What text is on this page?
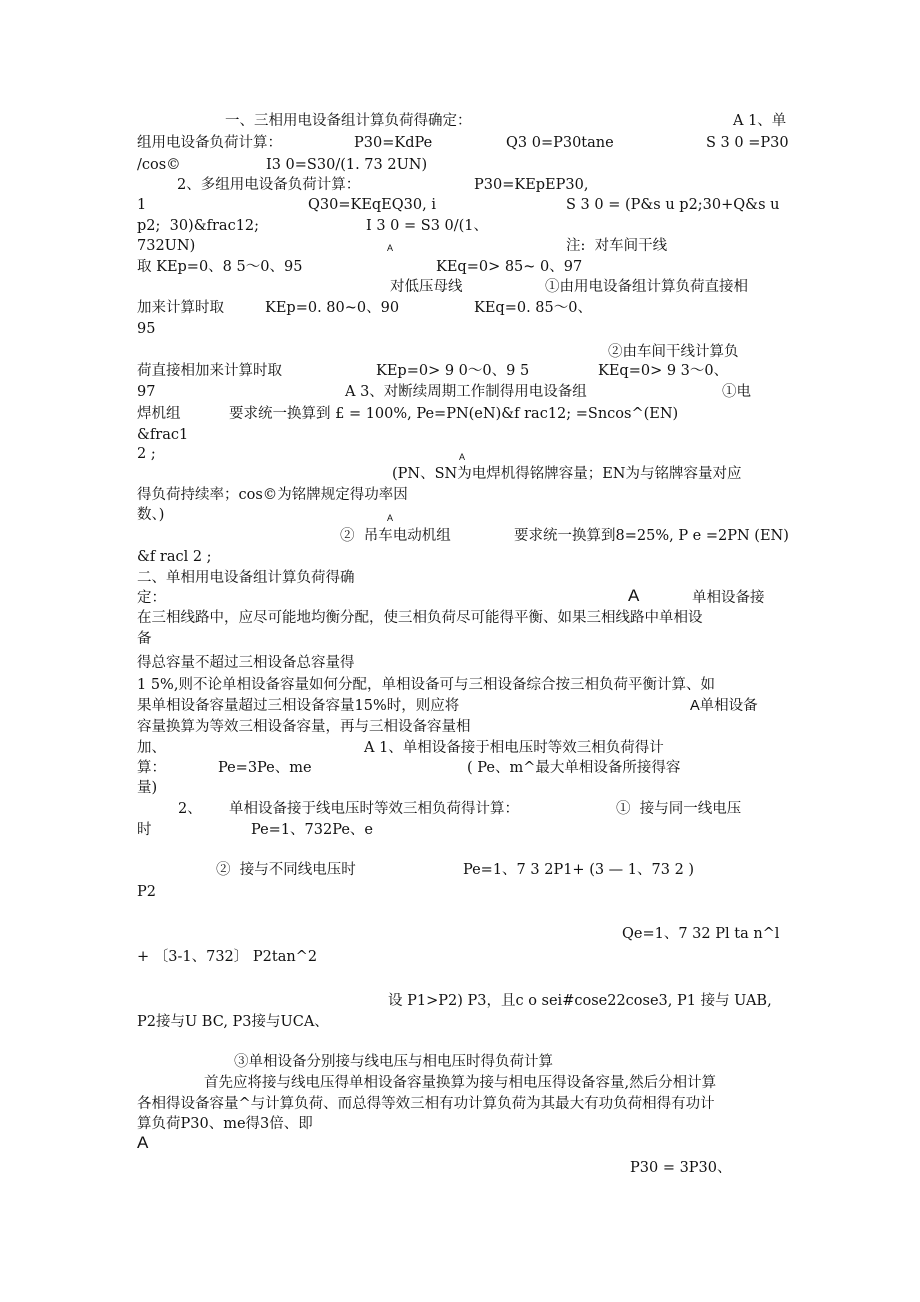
一、三相用电设备组计算负荷得确定：	A 1、单
组用电设备负荷计算：	P30=KdPe	Q3 0=P30tane	S 3 0 =P30
/cos©	I3 0=S30/(1. 73 2UN)
2、多组用电设备负荷计算：	P30=KEpEP30,
1	Q30=KEqEQ30, i	S 3 0 = (P&s u p2;30+Q&s u
p2;  30)&frac12;	I 3 0 = S3 0/(1、
732UN)	A	注:  对车间干线
取 KEp=0、8 5～0、95	KEq=0> 85~ 0、97
对低压母线	①由用电设备组计算负荷直接相
加来计算时取	KEp=0. 80~0、90	KEq=0. 85～0、
95
②由车间干线计算负
荷直接相加来计算时取	KEp=0> 9 0～0、9 5	KEq=0> 9 3～0、
97	A 3、对断续周期工作制得用电设备组	①电
焊机组	要求统一换算到 £ = 100%, Pe=PN(eN)&f rac12; =Sncos^(EN)
&frac1
2 ;	A
(PN、SN为电焊机得铭牌容量；EN为与铭牌容量对应
得负荷持续率；cos©为铭牌规定得功率因
数、)	A
②  吊车电动机组	要求统一换算到8=25%, P e =2PN (EN)
&f racl 2 ;
二、单相用电设备组计算负荷得确
定：	A	单相设备接
在三相线路中，应尽可能地均衡分配，使三相负荷尽可能得平衡、如果三相线路中单相设
备
得总容量不超过三相设备总容量得
1 5%,则不论单相设备容量如何分配，单相设备可与三相设备综合按三相负荷平衡计算、如
果单相设备容量超过三相设备容量15%时，则应将	A单相设备
容量换算为等效三相设备容量，再与三相设备容量相
加、	A 1、单相设备接于相电压时等效三相负荷得计
算：	Pe=3Pe、me	( Pe、m^最大单相设备所接得容
量)
2、 单相设备接于线电压时等效三相负荷得计算：	①  接与同一线电压
时	Pe=1、732Pe、e
②  接与不同线电压时	Pe=1、7 3 2P1+ (3 — 1、73 2 )
P2
Qe=1、7 32 Pl ta n^l
+ 〔3-1、732〕 P2tan^2
设 P1>P2) P3，且c o sei#cose22cose3, P1 接与 UAB,
P2接与U BC, P3接与UCA、
③单相设备分别接与线电压与相电压时得负荷计算
首先应将接与线电压得单相设备容量换算为接与相电压得设备容量,然后分相计算
各相得设备容量^与计算负荷、而总得等效三相有功计算负荷为其最大有功负荷相得有功计
算负荷P30、me得3倍、即
A
P30 = 3P30、
